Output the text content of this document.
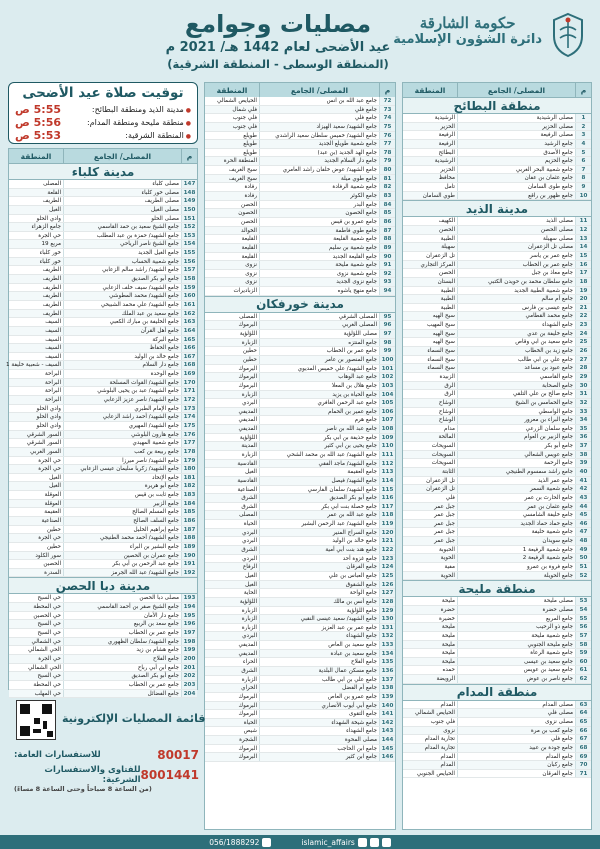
حكومة الشارقة
دائرة الشؤون الإسلامية
مصليات وجوامع
عيد الأضحى لعام 1442 هـ/ 2021 م
(المنطقة الوسطى - المنطقة الشرقية)
م
المصلى/ الجامع
المنطقة
منطقة البطائح
1
مصلى الرشيدية
الرشيدية
2
مصلى الحزير
الحزير
3
مصلى الرفيعة
الرفيعة
4
جامع الرشيد
الرفيعة
5
جامع الأصدق
البطائح
6
جامع الحزيم
الرشيدية
7
جامع شعبية البحر الغربي
الحزير
8
جامع عثمان بن عفان
محافظ
9
جامع طوى السامان
تامل
10
جامع ظهور بن راقع
طوي السامان
مدينة الذيد
11
مصلى الذيد
الكهيف
12
مصلى الحصن
الحصن
13
مصلى سهيلة
الطبية
14
مصلى تل الزعفران
سهيلة
15
جامع عمر بن ياسر
تل الزعفران
16
جامع عمر بن الخطاب
المركز التجاري
17
جامع معاذ بن جبل
الحصن
18
جامع سلطان محمد بن حويدن الكتبي
البستان
19
جامع شعبية الطبية الجديد
الطبية
20
جامع أم سالم
الطبية
21
جامع عيسى بن فارس
الطبية
22
جامع محمد القطامي
سيح الهيه
23
جامع الشهداء
سيح المهيب
24
جامع خليفة بن عدي
سيح الهيه
25
جامع سعيد بن ابي وقاص
سيح الهيه
26
جامع زيد بن الخطاب
سيح السماء
27
جامع علي بن ابي طالب
سيح السماء
28
جامع عبود بن مساعد
سيح السماء
29
جامع القاسمي
الزبيدة
30
جامع الصحابة
الرق
31
جامع صالح بن علي التلقي
الرق
32
جامع الحمامس بن الشيخ
الوشاح
33
جامع الواسطي
الوشاح
34
جامع البراء بن معرور
الوشاح
35
جامع سلمان الزرعي
مدام
36
جامع الزبير بن العوام
المالحة
37
جامع أبو بكر
السويحات
38
جامع عويس الشعالي
السويحات
39
جامع الرحمة
السويحات
40
جامع راشد سمسوم الطنيجي
الثابتة
41
جامع عمر الذيد
تل الزعفران
42
جامع شعبية السمر
تل الزعفران
43
جامع الحارث بن عمر
فلي
44
جامع عثمان بن عمر
جبل عمر
45
جامع خليفة الشامسي
جبل عمر
46
جامع حماد حماد الجديد
جبل عمر
47
جامع شعبية خليفة
جبل عمر
48
جامع سويدان
جبل عمر
49
جامع شعبية الرفيعة 1
الحبوبة
50
جامع شعبية الرفيعة 2
الحوية
51
جامع فروة بن عمرو
مفية
52
جامع الحويلة
الحوية
منطقة مليحة
53
مصلى مليحة
مليحة
54
مصلى حضرة
حضرة
55
جامع المربع
خضيرة
56
جامع ذو الرحيب
مليحة
57
جامع شعبية مليحة
مليحة
58
جامع مليحة الجنوبي
مليحة
59
جامع شعبية الرعاة
مليحة
60
جامع سعيد بن عيسى
مليحة
61
جامع سعيد بن عويس
حمده
62
جامع ناصر بن عوض
الرويضة
منطقة المدام
63
مصلى المدام
المدام
64
مصلى فلي
الحيايص الشمالي
65
مصلى نزوى
فلي جنوب
66
جامع كعب بن مرة
نزوى
67
جامع فلي
تجارية المدام
68
جامع جودة بن عبيد
تجارية المدام
69
جامع المدام
المدام
70
جامع ركبان
المدام
71
جامع الفرقان
الحيايص الجنوبي
م
المصلى/ الجامع
المنطقة
72
جامع عبد الله بن انس
الحيايص الشمالي
73
جامع فلي
فلي شمال
74
جامع فلي
فلي جنوب
75
جامع الشهيد/ سعيد الهيزاد
فلي جنوب
76
جامع الشهيد/ خميس سلطان سعيد الراشدي
طويلع
77
جامع شعبية طويلع الجديد
طويلع
78
جامع الهد الجديد (بن عبد)
طويلع
79
جامع دار السلام الجديد
المنطقة الحرة
80
جامع الشهيد/ عوض خلفان راشد العامري
سيح الغريف
81
جامع طوي ميلة
سيح الغريف
82
جامع شعبية الرفادة
رفادة
83
جامع الكوثر
رفادة
84
جامع البدر
الحصن
85
جامع الحصون
الحصون
86
جامع عمرو بن قيس
الحصن
87
جامع طوي فاطمة
الخوالد
88
جامع شعبية القليعة
القليعة
89
جامع شعبية بن سليم
القليعة
90
جامع القليعة الجديد
القليعة
91
جامع شعبية مليحة
نزوى
92
جامع شعبية نزوى
نزوى
93
جامع نزوى الجديد
نزوى
94
جامع منهج ياشوه
الزباديرات
مدينة خورفكان
95
المصلى الشرقي
المصلى
96
المصلى الغربي
البرموك
97
مصلى اللؤلؤية
اللؤلؤية
98
جامع المنتزه
الزبارة
99
جامع عمر بن الخطاب
حطين
100
جامع المنصور بن عامر
حطين
101
جامع الشهيد/ علي خميس المديوي
اليرموك
102
جامع عبد الوهاب
اليرموك
103
جامع هلال بن المعلا
البرموك
104
جامع الحياة بن يزيد
الزبارة
105
جامع عبد الرحمن الغافري
البردي
106
جامع عمير بن الحمام
المديفي
107
جامع هرم
المديفي
108
جامع عبد الله بن ناصر
المديفي
109
جامع حذيفة بن ابي بكر
اللؤلؤية
110
جامع يحيى بن ابي كثير
المدينة
111
جامع الشهيد/ عبد الله بن محمد الشحي
الزبارة
112
جامع الشهيد/ ماجد الفقي
القادسية
113
جامع العقيمة
الغيل
114
جامع الشهيد/ فيصل
القادسية
115
جامع الشهيد/ سلمان الفارسي
الصناعية
116
جامع أبو بكر الصديق
الشرق
117
جامع خصلة بنت ابي بكر
الشرق
118
جامع عبد الله بن عمر
المصلى
119
جامع الشهيد/ عبد الرحمن البشير
الحياة
120
جامع السراج المنير
البردي
121
جامع خالد بن الوليد
البردي
122
جامع هند بنت أبي أمية
الشرق
123
جامع غزوة أحد
البردي
124
جامع الفرقان
الرفاع
125
جامع العباس بن علي
الغيل
126
جامع الشقوق
الغيل
127
جامع الواحة
الحاية
128
جامع أنس بن مالك
اللؤلؤية
129
جامع اللؤلؤية
الزبارة
130
جامع الشهيد/ سعيد عيسى النقبي
الزبارة
131
جامع عمر بن عبد العزيز
الزبارة
132
جامع الشهداء
البردي
133
جامع سعيد بن العاص
المديفي
134
جامع سعيد بن عبادة
المديفي
135
جامع الفلاح
الحراء
136
جامع مسكن عمال البلدية
الشرق
137
جامع علي بن ابي طالب
الزبارة
138
جامع أم الفضل
الحراي
139
جامع عمرو بن العاص
البرموك
140
جامع أبي أيوب الأنصاري
البرموك
141
جامع التقوى
البرموك
142
جامع شيخة الشهداء
الحياة
143
جامع الشهداء
شيص
144
مصلى المحوة
الشجرة
145
جامع ابن الحاجب
البرموك
146
جامع ابن كثير
البرموك
توقيت صلاة عيد الأضحى
● مدينة الذيد ومنطقة البطائح:
5:55 ص
● منطقة مليحة ومنطقة المدام:
5:56 ص
● المنطقة الشرقية:
5:53 ص
م
المصلى/ الجامع
المنطقة
مدينة كلباء
147
مصلى كلباء
المصلى
148
مصلى خور كلباء
القلعة
149
مصلى الطريف
الطريف
150
مصلى الغيل
الغيل
151
مصلى الحلو
وادي الحلو
152
جامع الشيخ سعيد بن حمد القاسمي
جامع الزهراء
153
جامع الشهيد/ حمزة بن عبد المطلب
حي الجرة
154
جامع الشيخ ناصر الرياحي
مربع 19
155
جامع الغيل الجديد
خور كلباء
156
جامع شعبية الحساب
خور كلباء
157
جامع الشهيد/ راشد سالم الزعابي
الطريف
158
جامع أبو بكر الصديق
الطريف
159
جامع الشهيد/ سيف خلف الزعابي
الطريف
160
جامع الشهيد/ محمد المطوشي
الطريف
161
جامع الشهيد/ علي محمد الشبيحي
الطريف
162
جامع سعيد بن عبد الملك
الطريف
163
جامع الخليفة بن مبارك الكعبي
السيف
164
جامع أهل القرآن
السيف
165
جامع البركة
السيف
166
جامع الحفاظ
السيف
167
جامع خالد بن الوليد
السيف
168
جامع دار السلام
السيف - شعبية خليفة 1
169
جامع الوحدة
البراحة
170
جامع الشهيد/ القوات المسلحة
البراحة
171
جامع الشهيد/ عبد بن يحيى البلوشي
البراحة
172
جامع الشهيد/ ناصر عزيز الزعابي
البراحة
173
جامع الإمام الطبري
وادي الحلو
174
جامع الشهيد/ أحمد راشد الزعابي
وادي الحلو
175
جامع الشهيد/ المهيري
وادي الحلو
176
جامع هارون البلوشي
السور الشرقي
177
جامع شعبية المهيدي
السور الشرقي
178
جامع ربيعة بن كعب
السور الغربي
179
جامع الشهيد/ ناصر ميرزا
حي الجرة
180
جامع الشهيد/ زكريا سليمان عيسى الزعابي
حي الجرة
181
جامع الإتحاد
الغيل
182
جامع أبو هريرة
الغيل
183
جامع ثابت بن قيس
العوقلة
184
جامع الزبير
العوقلة
185
جامع المسلم الصالح
العقيمة
186
جامع السلف الصالح
الصناعية
187
جامع إبراهيم الخليل
حطين
188
جامع الشهيد/ أحمد محمد الطنيجي
حي الجرة
189
جامع البشير بن البراء
حطين
190
جامع عمران بن الحصين
سور الكلود
191
جامع عبد الرحمن بن أبي بكر
الحصين
192
جامع الشهيد/ عبد الله الجرمز
السدرة
مدينة دبا الحصن
193
مصلى دبا الحصن
حي السيح
194
جامع الشيخ صقر بن أحمد القاسمي
حي المحطة
195
جامع دار الأمان
حي الحصين
196
جامع سعد بن الربيع
حي السيح
197
جامع عمر بن الخطاب
حي السيح
198
جامع الشهيد/ سلطان الظهوري
حي الشمالي
199
جامع هشام بن زيد
الحي الشمالي
200
جامع الفلاح
حي الجرة
201
جامع ابن أبي رباح
الحي الشمالي
202
جامع أبو بكر الصديق
حي السيح
203
جامع عمر بن الخطاب
حي المحطة
204
جامع الفضائل
حي المهلب
قائمة المصليات الإلكترونية
80017
للاستفسارات العامة:
8001441
للفتاوى والاستفسارات الشرعية:
(من الساعة 8 صباحاً وحتى الساعة 8 مساءً)
islamic_affairs
056/1888292
